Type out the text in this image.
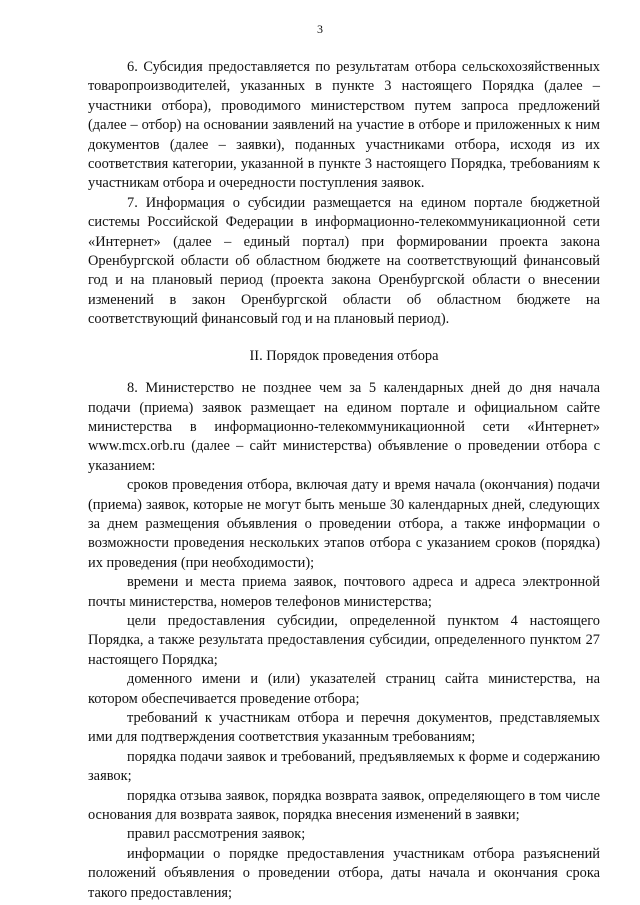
3

6. Субсидия предоставляется по результатам отбора сельскохозяйственных товаропроизводителей, указанных в пункте 3 настоящего Порядка (далее – участники отбора), проводимого министерством путем запроса предложений (далее – отбор) на основании заявлений на участие в отборе и приложенных к ним документов (далее – заявки), поданных участниками отбора, исходя из их соответствия категории, указанной в пункте 3 настоящего Порядка, требованиям к участникам отбора и очередности поступления заявок.

7. Информация о субсидии размещается на едином портале бюджетной системы Российской Федерации в информационно-телекоммуникационной сети «Интернет» (далее – единый портал) при формировании проекта закона Оренбургской области об областном бюджете на соответствующий финансовый год и на плановый период (проекта закона Оренбургской области о внесении изменений в закон Оренбургской области об областном бюджете на соответствующий финансовый год и на плановый период).

II. Порядок проведения отбора

8. Министерство не позднее чем за 5 календарных дней до дня начала подачи (приема) заявок размещает на едином портале и официальном сайте министерства в информационно-телекоммуникационной сети «Интернет» www.mcx.orb.ru (далее – сайт министерства) объявление о проведении отбора с указанием:

сроков проведения отбора, включая дату и время начала (окончания) подачи (приема) заявок, которые не могут быть меньше 30 календарных дней, следующих за днем размещения объявления о проведении отбора, а также информации о возможности проведения нескольких этапов отбора с указанием сроков (порядка) их проведения (при необходимости);

времени и места приема заявок, почтового адреса и адреса электронной почты министерства, номеров телефонов министерства;

цели предоставления субсидии, определенной пунктом 4 настоящего Порядка, а также результата предоставления субсидии, определенного пунктом 27 настоящего Порядка;

доменного имени и (или) указателей страниц сайта министерства, на котором обеспечивается проведение отбора;

требований к участникам отбора и перечня документов, представляемых ими для подтверждения соответствия указанным требованиям;

порядка подачи заявок и требований, предъявляемых к форме и содержанию заявок;

порядка отзыва заявок, порядка возврата заявок, определяющего в том числе основания для возврата заявок, порядка внесения изменений в заявки;

правил рассмотрения заявок;

информации о порядке предоставления участникам отбора разъяснений положений объявления о проведении отбора, даты начала и окончания срока такого предоставления;
